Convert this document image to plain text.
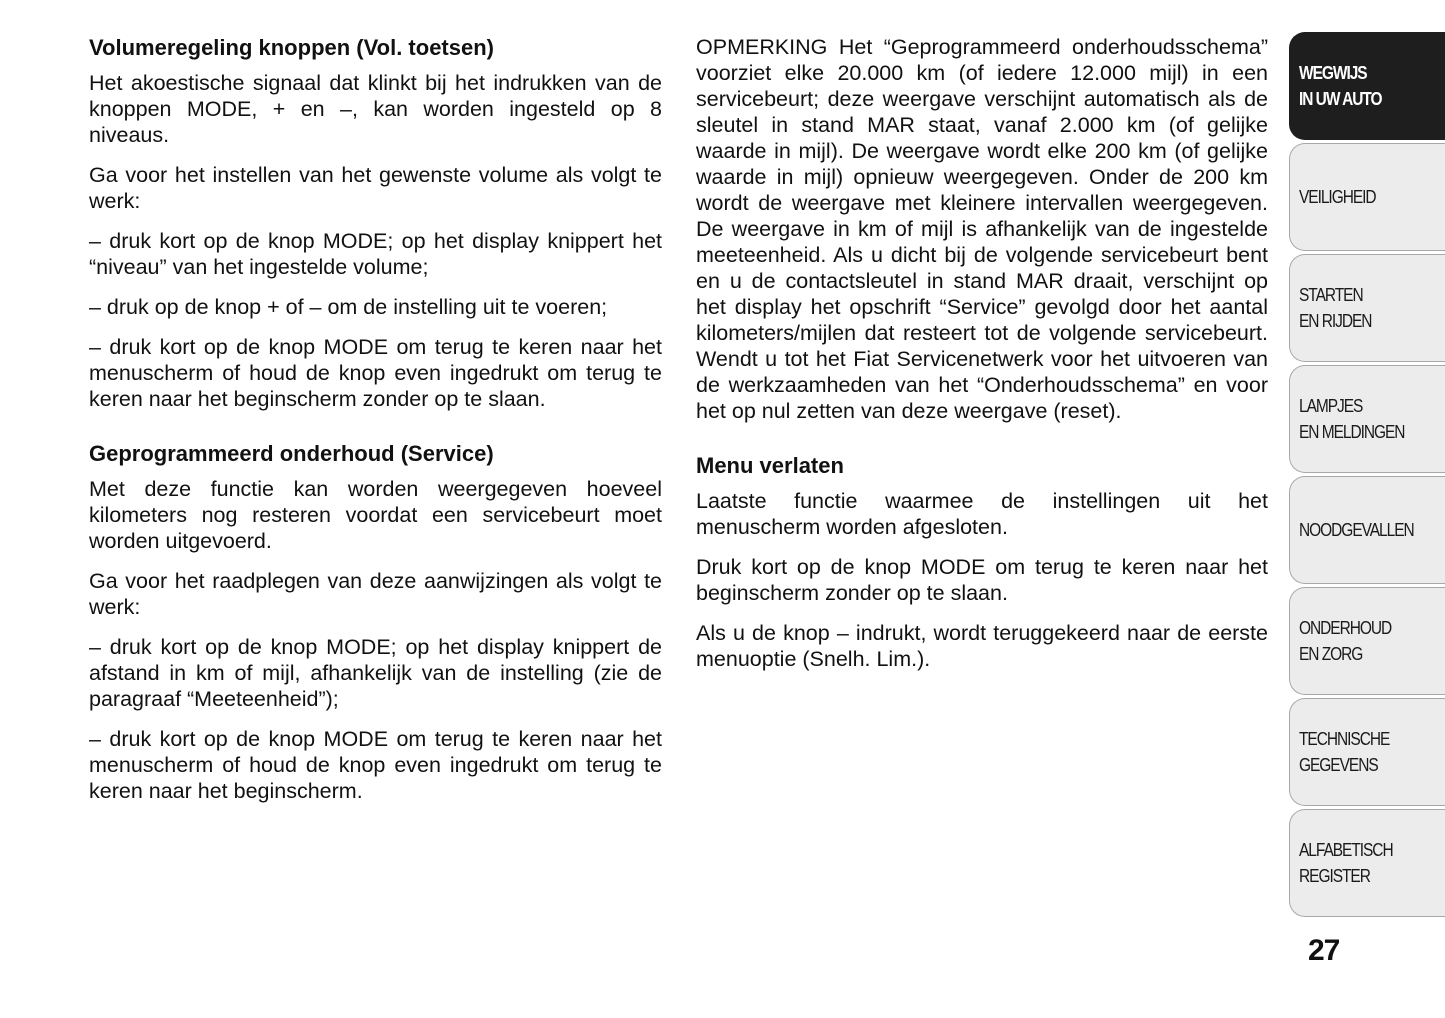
Volumeregeling knoppen (Vol. toetsen)

Het akoestische signaal dat klinkt bij het indrukken van de knoppen MODE, + en –, kan worden ingesteld op 8 niveaus.

Ga voor het instellen van het gewenste volume als volgt te werk:

– druk kort op de knop MODE; op het display knippert het “niveau” van het ingestelde volume;

– druk op de knop + of – om de instelling uit te voeren;

– druk kort op de knop MODE om terug te keren naar het menuscherm of houd de knop even ingedrukt om terug te keren naar het beginscherm zonder op te slaan.

Geprogrammeerd onderhoud (Service)

Met deze functie kan worden weergegeven hoeveel kilometers nog resteren voordat een servicebeurt moet worden uitgevoerd.

Ga voor het raadplegen van deze aanwijzingen als volgt te werk:

– druk kort op de knop MODE; op het display knippert de afstand in km of mijl, afhankelijk van de instelling (zie de paragraaf “Meeteenheid”);

– druk kort op de knop MODE om terug te keren naar het menuscherm of houd de knop even ingedrukt om terug te keren naar het beginscherm.

OPMERKING Het “Geprogrammeerd onderhoudsschema” voorziet elke 20.000 km (of iedere 12.000 mijl) in een servicebeurt; deze weergave verschijnt automatisch als de sleutel in stand MAR staat, vanaf 2.000 km (of gelijke waarde in mijl). De weergave wordt elke 200 km (of gelijke waarde in mijl) opnieuw weergegeven. Onder de 200 km wordt de weergave met kleinere intervallen weergegeven. De weergave in km of mijl is afhankelijk van de ingestelde meeteenheid. Als u dicht bij de volgende servicebeurt bent en u de contactsleutel in stand MAR draait, verschijnt op het display het opschrift “Service” gevolgd door het aantal kilometers/mijlen dat resteert tot de volgende servicebeurt. Wendt u tot het Fiat Servicenetwerk voor het uitvoeren van de werkzaamheden van het “Onderhoudsschema” en voor het op nul zetten van deze weergave (reset).

Menu verlaten

Laatste functie waarmee de instellingen uit het menuscherm worden afgesloten.

Druk kort op de knop MODE om terug te keren naar het beginscherm zonder op te slaan.

Als u de knop – indrukt, wordt teruggekeerd naar de eerste menuoptie (Snelh. Lim.).

WEGWIJS
IN UW AUTO
VEILIGHEID
STARTEN
EN RIJDEN
LAMPJES
EN MELDINGEN
NOODGEVALLEN
ONDERHOUD
EN ZORG
TECHNISCHE
GEGEVENS
ALFABETISCH
REGISTER
27
